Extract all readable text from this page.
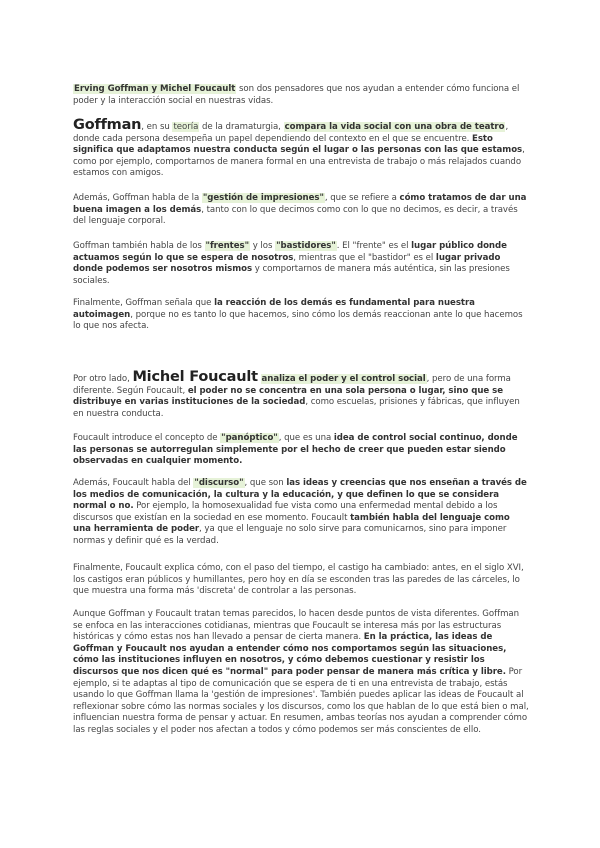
Erving Goffman y Michel Foucault son dos pensadores que nos ayudan a entender cómo funciona el poder y la interacción social en nuestras vidas.

Goffman, en su teoría de la dramaturgia, compara la vida social con una obra de teatro, donde cada persona desempeña un papel dependiendo del contexto en el que se encuentre. Esto significa que adaptamos nuestra conducta según el lugar o las personas con las que estamos, como por ejemplo, comportarnos de manera formal en una entrevista de trabajo o más relajados cuando estamos con amigos.

Además, Goffman habla de la "gestión de impresiones", que se refiere a cómo tratamos de dar una buena imagen a los demás, tanto con lo que decimos como con lo que no decimos, es decir, a través del lenguaje corporal.

Goffman también habla de los "frentes" y los "bastidores". El "frente" es el lugar público donde actuamos según lo que se espera de nosotros, mientras que el "bastidor" es el lugar privado donde podemos ser nosotros mismos y comportarnos de manera más auténtica, sin las presiones sociales.

Finalmente, Goffman señala que la reacción de los demás es fundamental para nuestra autoimagen, porque no es tanto lo que hacemos, sino cómo los demás reaccionan ante lo que hacemos lo que nos afecta.

Por otro lado, Michel Foucault analiza el poder y el control social, pero de una forma diferente. Según Foucault, el poder no se concentra en una sola persona o lugar, sino que se distribuye en varias instituciones de la sociedad, como escuelas, prisiones y fábricas, que influyen en nuestra conducta.

Foucault introduce el concepto de "panóptico", que es una idea de control social continuo, donde las personas se autorregulan simplemente por el hecho de creer que pueden estar siendo observadas en cualquier momento.

Además, Foucault habla del "discurso", que son las ideas y creencias que nos enseñan a través de los medios de comunicación, la cultura y la educación, y que definen lo que se considera normal o no. Por ejemplo, la homosexualidad fue vista como una enfermedad mental debido a los discursos que existían en la sociedad en ese momento. Foucault también habla del lenguaje como una herramienta de poder, ya que el lenguaje no solo sirve para comunicarnos, sino para imponer normas y definir qué es la verdad.

Finalmente, Foucault explica cómo, con el paso del tiempo, el castigo ha cambiado: antes, en el siglo XVI, los castigos eran públicos y humillantes, pero hoy en día se esconden tras las paredes de las cárceles, lo que muestra una forma más 'discreta' de controlar a las personas.

Aunque Goffman y Foucault tratan temas parecidos, lo hacen desde puntos de vista diferentes. Goffman se enfoca en las interacciones cotidianas, mientras que Foucault se interesa más por las estructuras históricas y cómo estas nos han llevado a pensar de cierta manera. En la práctica, las ideas de Goffman y Foucault nos ayudan a entender cómo nos comportamos según las situaciones, cómo las instituciones influyen en nosotros, y cómo debemos cuestionar y resistir los discursos que nos dicen qué es "normal" para poder pensar de manera más crítica y libre. Por ejemplo, si te adaptas al tipo de comunicación que se espera de ti en una entrevista de trabajo, estás usando lo que Goffman llama la 'gestión de impresiones'. También puedes aplicar las ideas de Foucault al reflexionar sobre cómo las normas sociales y los discursos, como los que hablan de lo que está bien o mal, influencian nuestra forma de pensar y actuar. En resumen, ambas teorías nos ayudan a comprender cómo las reglas sociales y el poder nos afectan a todos y cómo podemos ser más conscientes de ello.
